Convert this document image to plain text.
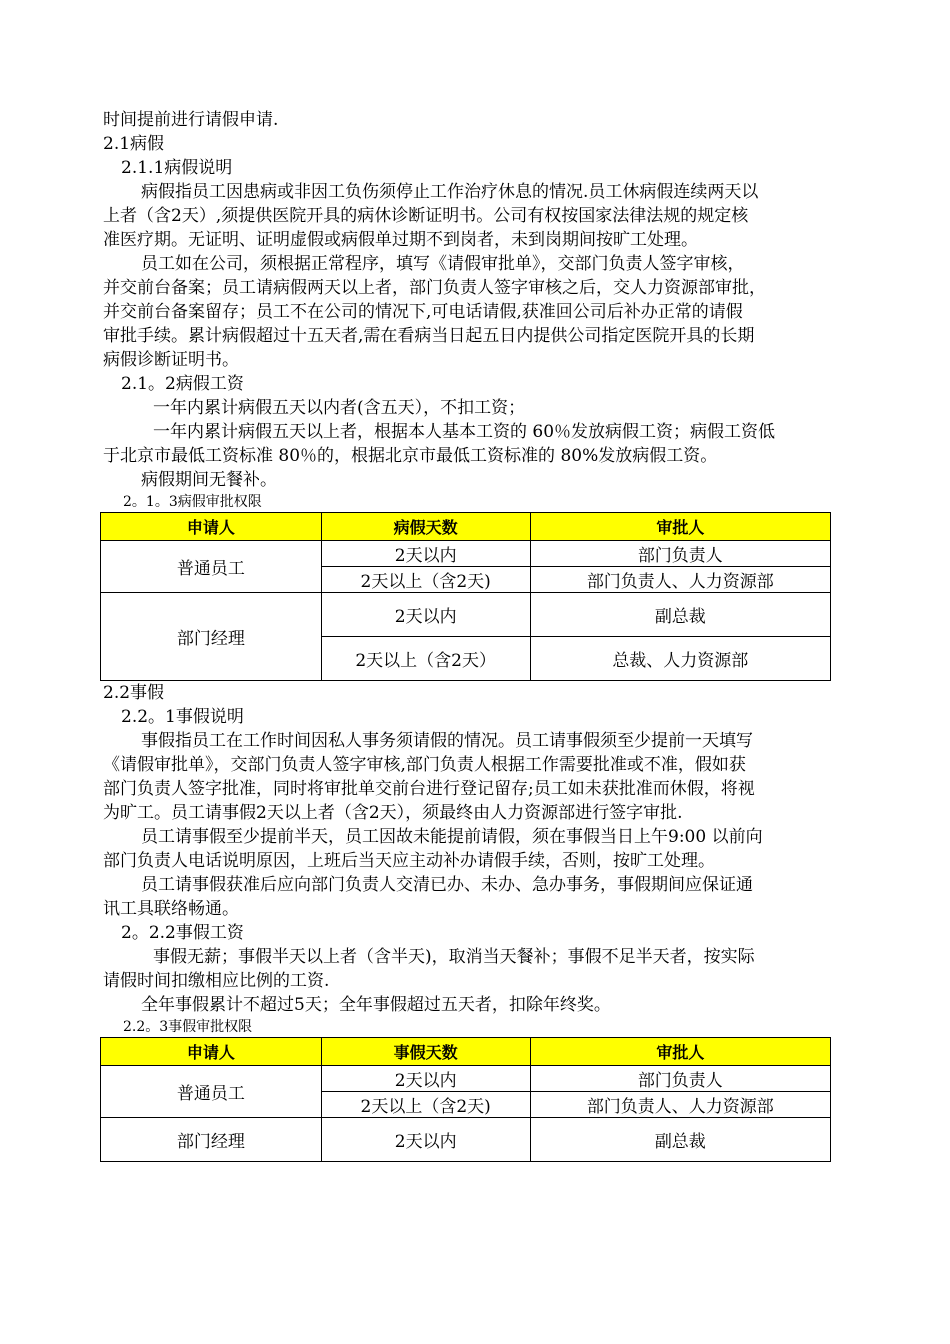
时间提前进行请假申请.
2.1病假
2.1.1病假说明
病假指员工因患病或非因工负伤须停止工作治疗休息的情况.员工休病假连续两天以
上者（含2天）,须提供医院开具的病休诊断证明书。公司有权按国家法律法规的规定核
准医疗期。无证明、证明虚假或病假单过期不到岗者，未到岗期间按旷工处理。
员工如在公司，须根据正常程序，填写《请假审批单》，交部门负责人签字审核，
并交前台备案；员工请病假两天以上者，部门负责人签字审核之后，交人力资源部审批，
并交前台备案留存；员工不在公司的情况下,可电话请假,获准回公司后补办正常的请假
审批手续。累计病假超过十五天者,需在看病当日起五日内提供公司指定医院开具的长期
病假诊断证明书。
2.1。2病假工资
一年内累计病假五天以内者(含五天），不扣工资；
一年内累计病假五天以上者，根据本人基本工资的 60％发放病假工资；病假工资低
于北京市最低工资标准 80％的，根据北京市最低工资标准的 80%发放病假工资。
病假期间无餐补。
2。1。3病假审批权限
申请人	病假天数	审批人
普通员工	2天以内	部门负责人
	2天以上（含2天)	部门负责人、人力资源部
部门经理	2天以内	副总裁
	2天以上（含2天）	总裁、人力资源部
2.2事假
2.2。1事假说明
事假指员工在工作时间因私人事务须请假的情况。员工请事假须至少提前一天填写
《请假审批单》，交部门负责人签字审核,部门负责人根据工作需要批准或不准，假如获
部门负责人签字批准，同时将审批单交前台进行登记留存;员工如未获批准而休假，将视
为旷工。员工请事假2天以上者（含2天），须最终由人力资源部进行签字审批.
员工请事假至少提前半天，员工因故未能提前请假，须在事假当日上午9:00 以前向
部门负责人电话说明原因，上班后当天应主动补办请假手续，否则，按旷工处理。
员工请事假获准后应向部门负责人交清已办、未办、急办事务，事假期间应保证通
讯工具联络畅通。
2。2.2事假工资
事假无薪；事假半天以上者（含半天)，取消当天餐补；事假不足半天者，按实际
请假时间扣缴相应比例的工资.
全年事假累计不超过5天；全年事假超过五天者，扣除年终奖。
2.2。3事假审批权限
申请人	事假天数	审批人
普通员工	2天以内	部门负责人
	2天以上（含2天)	部门负责人、人力资源部
部门经理	2天以内	副总裁
